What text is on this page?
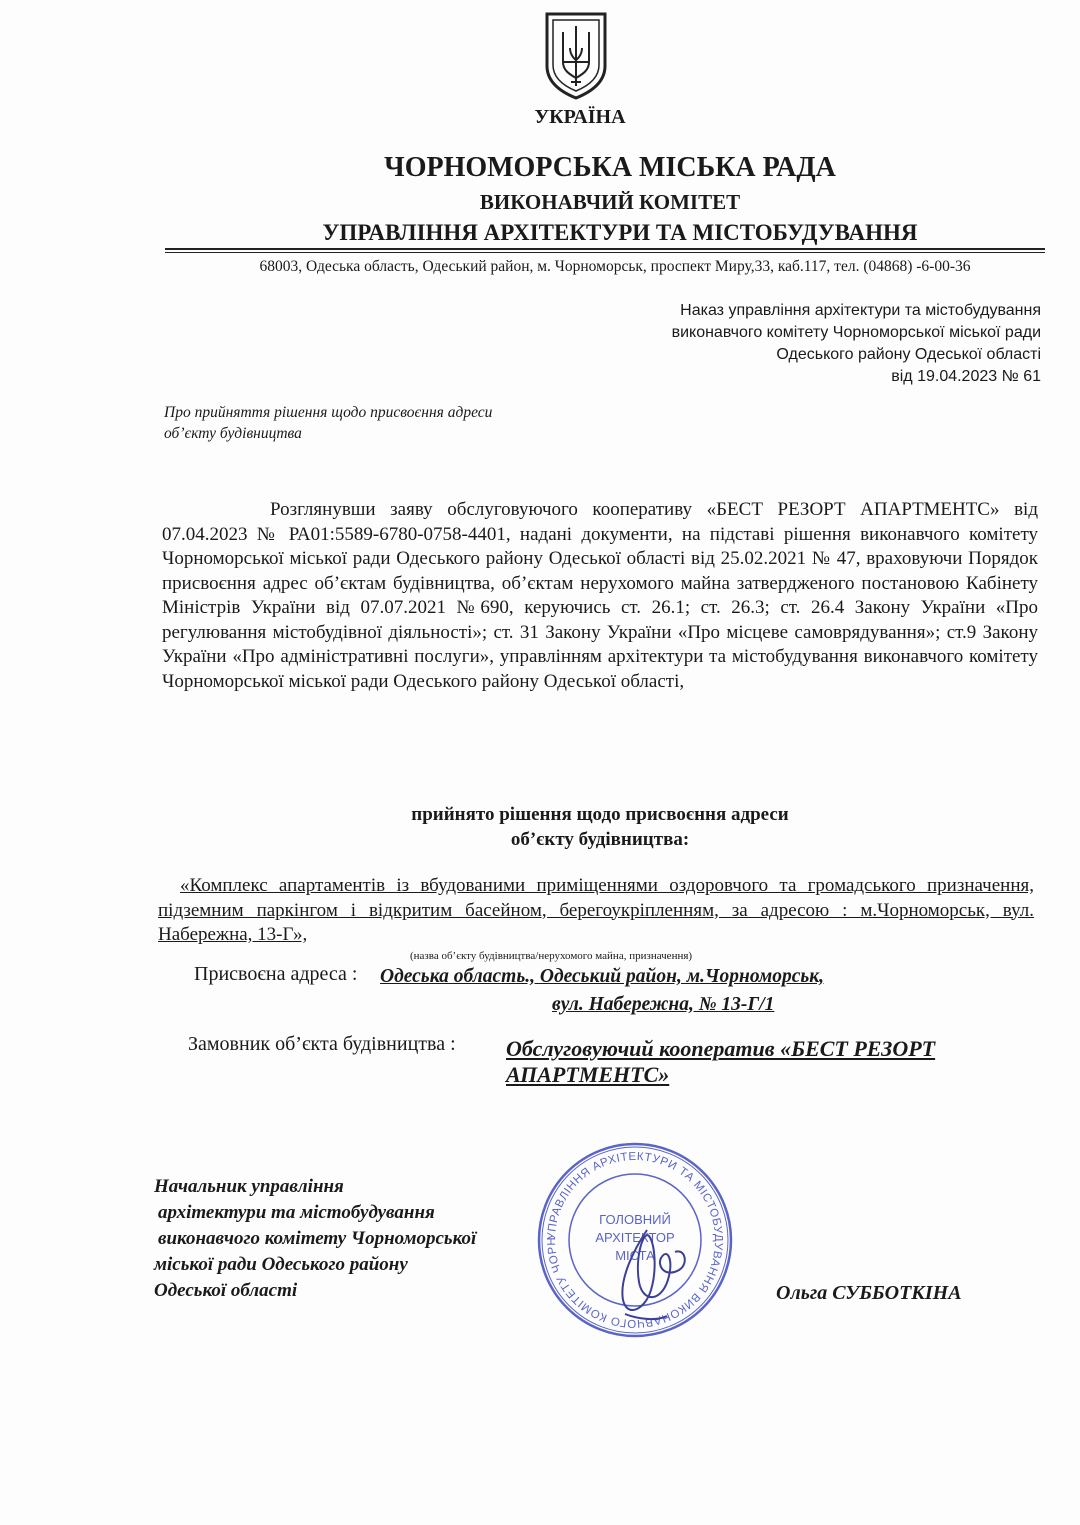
УКРАЇНА
ЧОРНОМОРСЬКА МІСЬКА РАДА
ВИКОНАВЧИЙ КОМІТЕТ
УПРАВЛІННЯ АРХІТЕКТУРИ ТА МІСТОБУДУВАННЯ
68003, Одеська область, Одеський район, м. Чорноморськ, проспект Миру,33, каб.117, тел. (04868) -6-00-36
Наказ управління архітектури та містобудування
виконавчого комітету Чорноморської міської ради
Одеського району Одеської області
від 19.04.2023 № 61
Про прийняття рішення щодо присвоєння адреси
об’єкту будівництва
Розглянувши заяву обслуговуючого кооперативу «БЕСТ РЕЗОРТ АПАРТМЕНТС» від 07.04.2023 № РА01:5589-6780-0758-4401, надані документи, на підставі рішення виконавчого комітету Чорноморської міської ради Одеського району Одеської області від 25.02.2021 № 47, враховуючи Порядок присвоєння адрес об’єктам будівництва, об’єктам нерухомого майна затвердженого постановою Кабінету Міністрів України від 07.07.2021 №690, керуючись ст. 26.1; ст. 26.3; ст. 26.4 Закону України «Про регулювання містобудівної діяльності»; ст. 31 Закону України «Про місцеве самоврядування»; ст.9 Закону України «Про адміністративні послуги», управлінням архітектури та містобудування виконавчого комітету Чорноморської міської ради Одеського району Одеської області,
прийнято рішення щодо присвоєння адреси
об’єкту будівництва:
«Комплекс апартаментів із вбудованими приміщеннями оздоровчого та громадського призначення, підземним паркінгом і відкритим басейном, берегоукріпленням, за адресою : м.Чорноморськ, вул. Набережна, 13-Г»,
(назва об’єкту будівництва/нерухомого майна, призначення)
Присвоєна адреса : Одеська область., Одеський район, м.Чорноморськ,
вул. Набережна, № 13-Г/1
Замовник об’єкта будівництва : Обслуговуючий кооператив «БЕСТ РЕЗОРТ
АПАРТМЕНТС»
Начальник управління
архітектури та містобудування
виконавчого комітету Чорноморської
міської ради Одеського району
Одеської області	Ольга СУББОТКІНА
УПРАВЛІННЯ АРХІТЕКТУРИ ТА МІСТОБУДУВАННЯ ВИКОНАВЧОГО КОМІТЕТУ ЧОРН
ГОЛОВНИЙ
АРХІТЕКТОР
МІСТА
